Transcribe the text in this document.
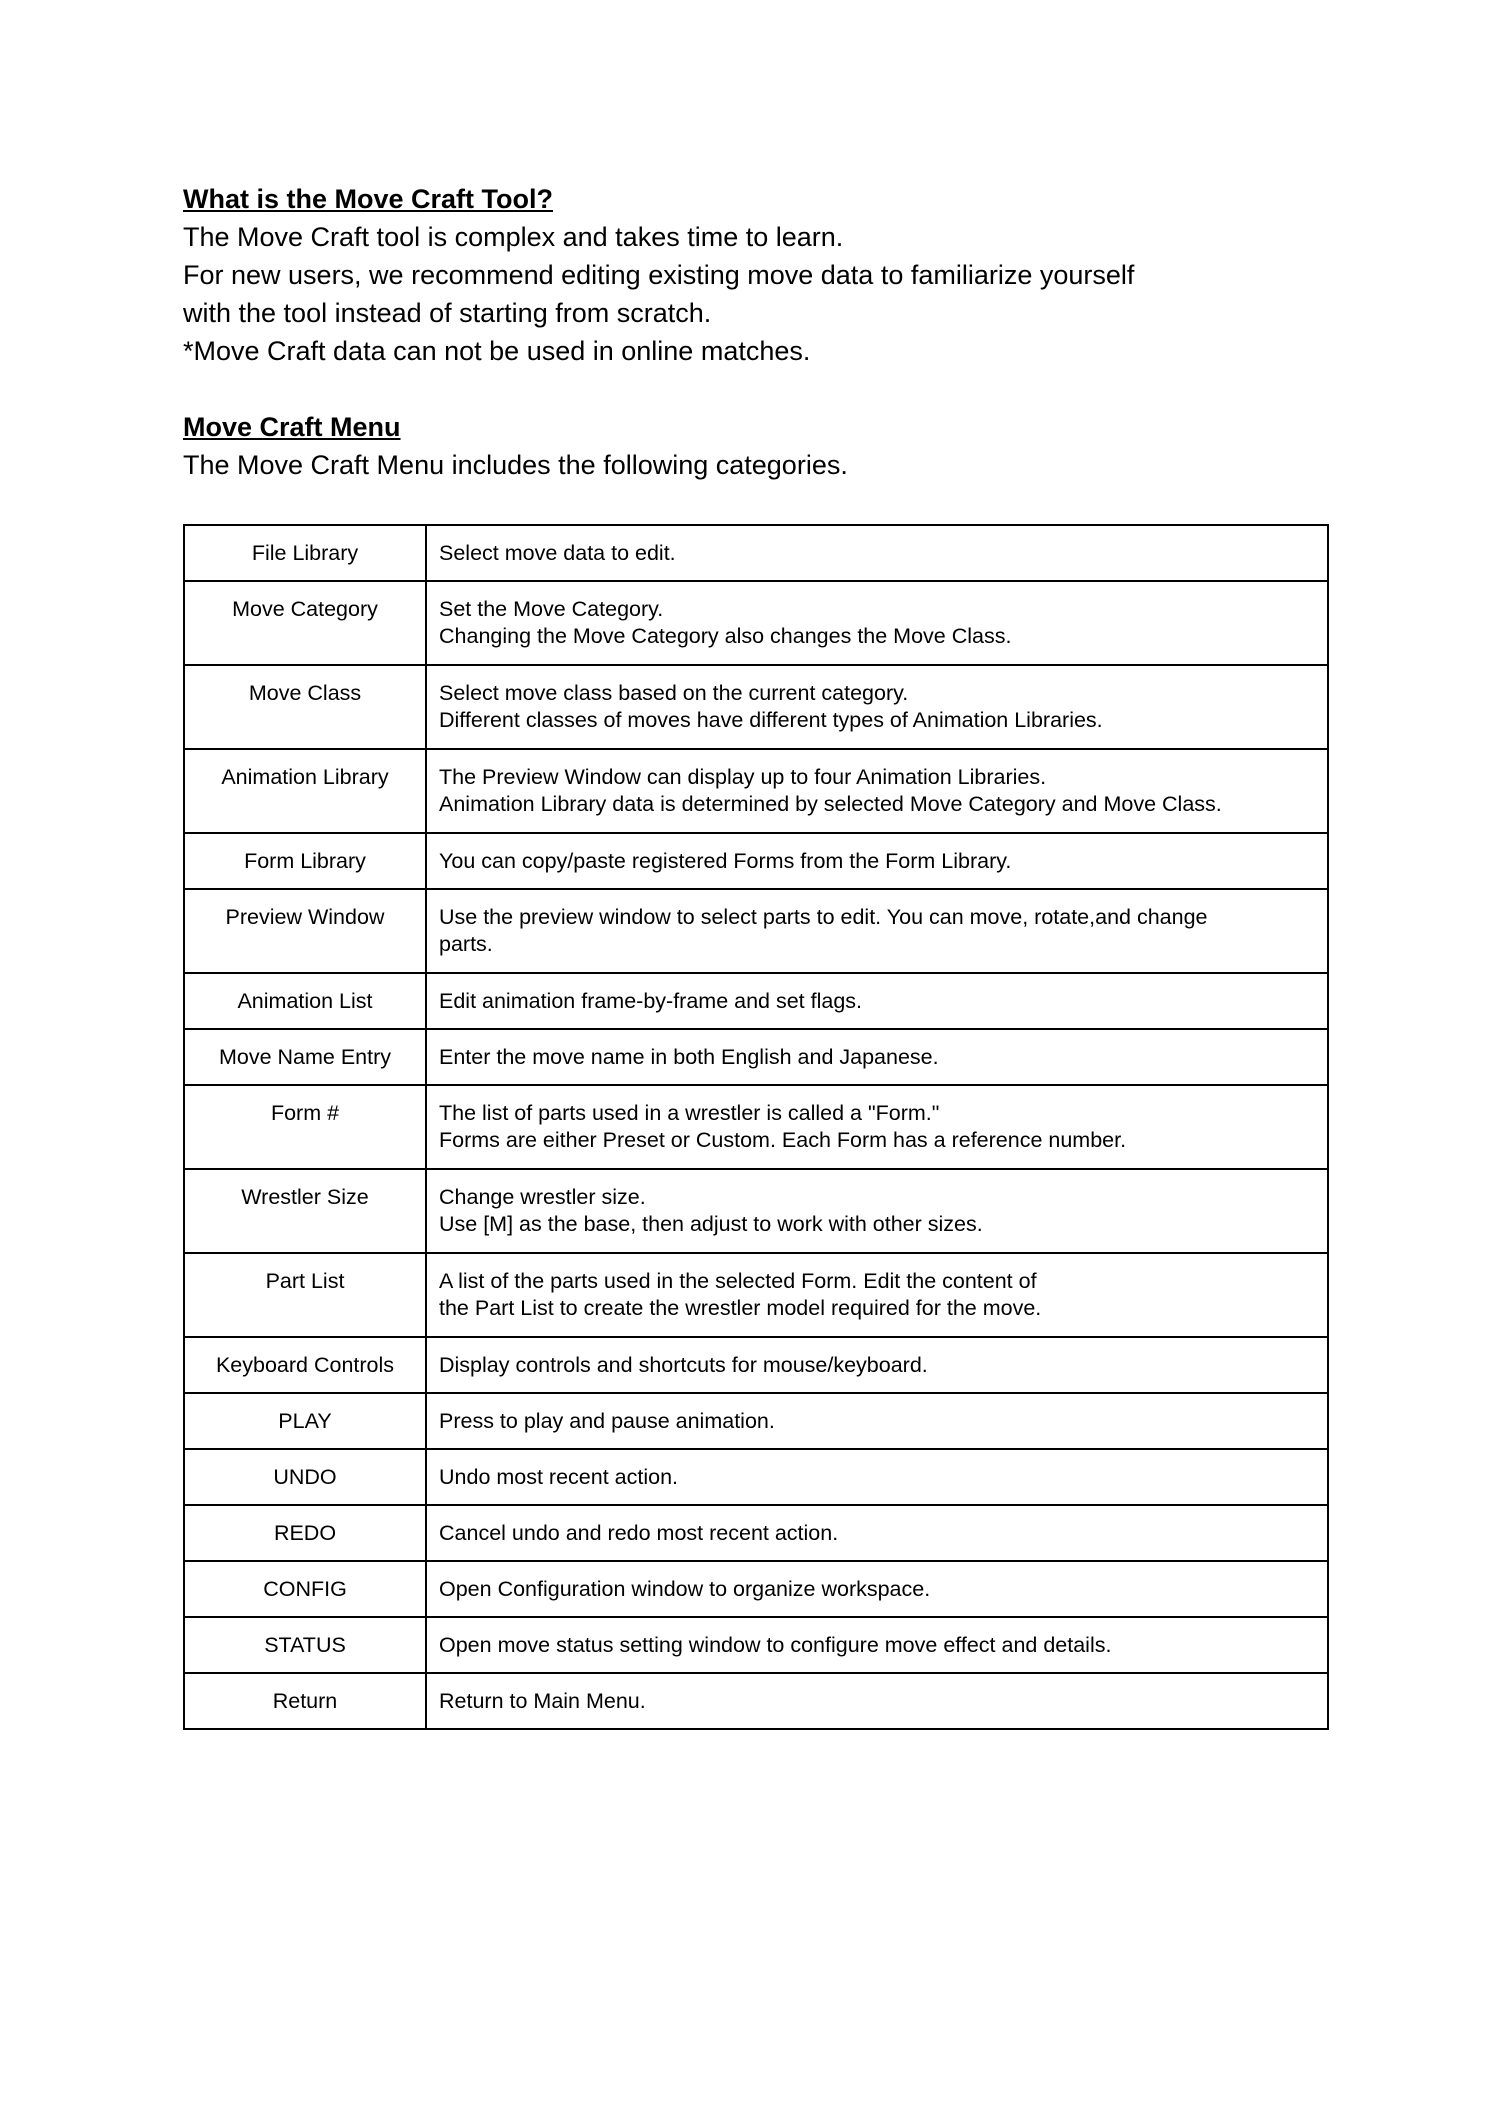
What is the Move Craft Tool?

The Move Craft tool is complex and takes time to learn.

For new users, we recommend editing existing move data to familiarize yourself

with the tool instead of starting from scratch.

*Move Craft data can not be used in online matches.

Move Craft Menu

The Move Craft Menu includes the following categories.

File Library	Select move data to edit.

Move Category	Set the Move Category.
Changing the Move Category also changes the Move Class.

Move Class	Select move class based on the current category.
Different classes of moves have different types of Animation Libraries.

Animation Library	The Preview Window can display up to four Animation Libraries.
Animation Library data is determined by selected Move Category and Move Class.

Form Library	You can copy/paste registered Forms from the Form Library.

Preview Window	Use the preview window to select parts to edit. You can move, rotate,and change
parts.

Animation List	Edit animation frame-by-frame and set flags.

Move Name Entry	Enter the move name in both English and Japanese.

Form #	The list of parts used in a wrestler is called a "Form."
Forms are either Preset or Custom. Each Form has a reference number.

Wrestler Size	Change wrestler size.
Use [M] as the base, then adjust to work with other sizes.

Part List	A list of the parts used in the selected Form. Edit the content of
the Part List to create the wrestler model required for the move.

Keyboard Controls	Display controls and shortcuts for mouse/keyboard.

PLAY	Press to play and pause animation.

UNDO	Undo most recent action.

REDO	Cancel undo and redo most recent action.

CONFIG	Open Configuration window to organize workspace.

STATUS	Open move status setting window to configure move effect and details.

Return	Return to Main Menu.
